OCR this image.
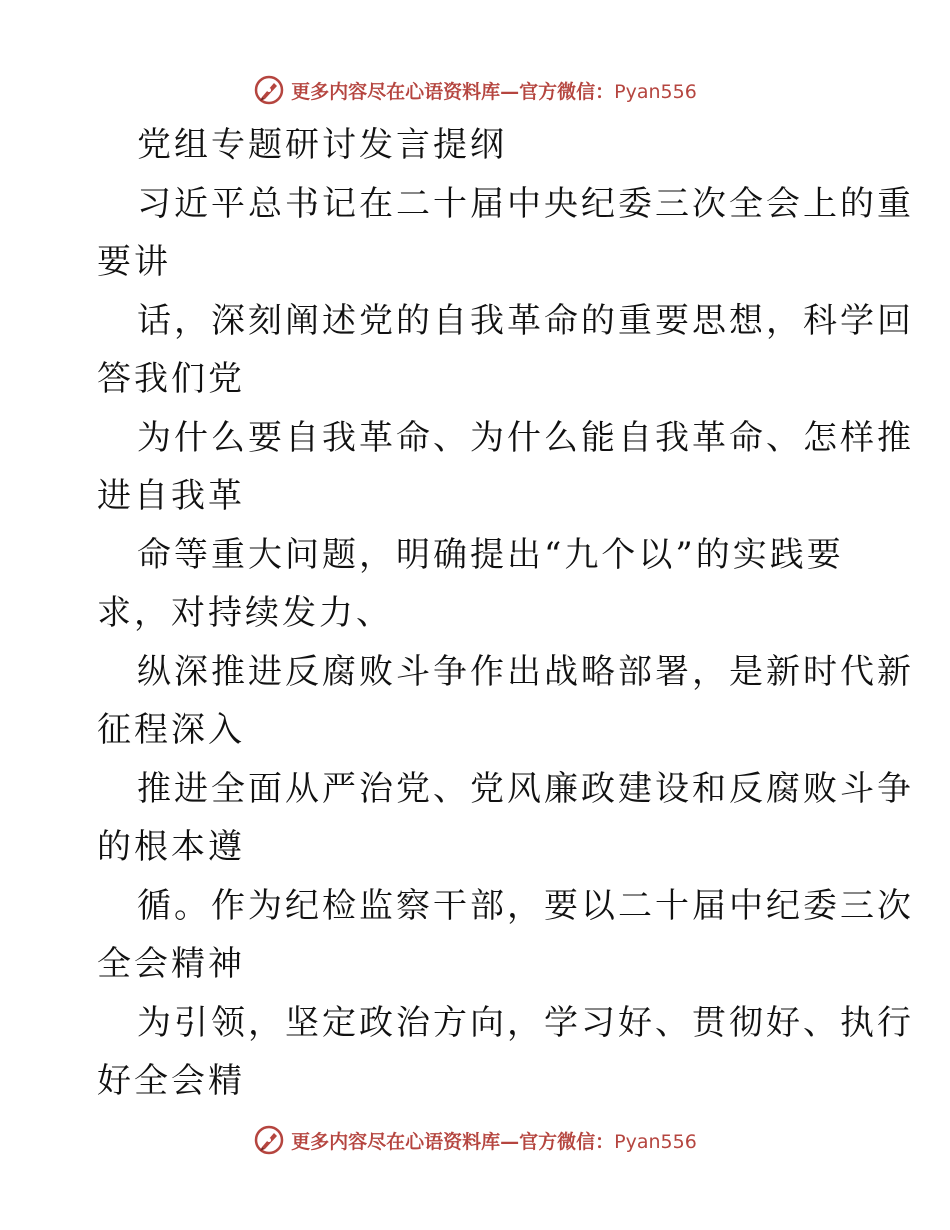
更多内容尽在心语资料库—官方微信：Pyan556
党组专题研讨发言提纲
习近平总书记在二十届中央纪委三次全会上的重
要讲
话，深刻阐述党的自我革命的重要思想，科学回
答我们党
为什么要自我革命、为什么能自我革命、怎样推
进自我革
命等重大问题，明确提出“九个以”的实践要
求，对持续发力、
纵深推进反腐败斗争作出战略部署，是新时代新
征程深入
推进全面从严治党、党风廉政建设和反腐败斗争
的根本遵
循。作为纪检监察干部，要以二十届中纪委三次
全会精神
为引领，坚定政治方向，学习好、贯彻好、执行
好全会精
更多内容尽在心语资料库—官方微信：Pyan556
